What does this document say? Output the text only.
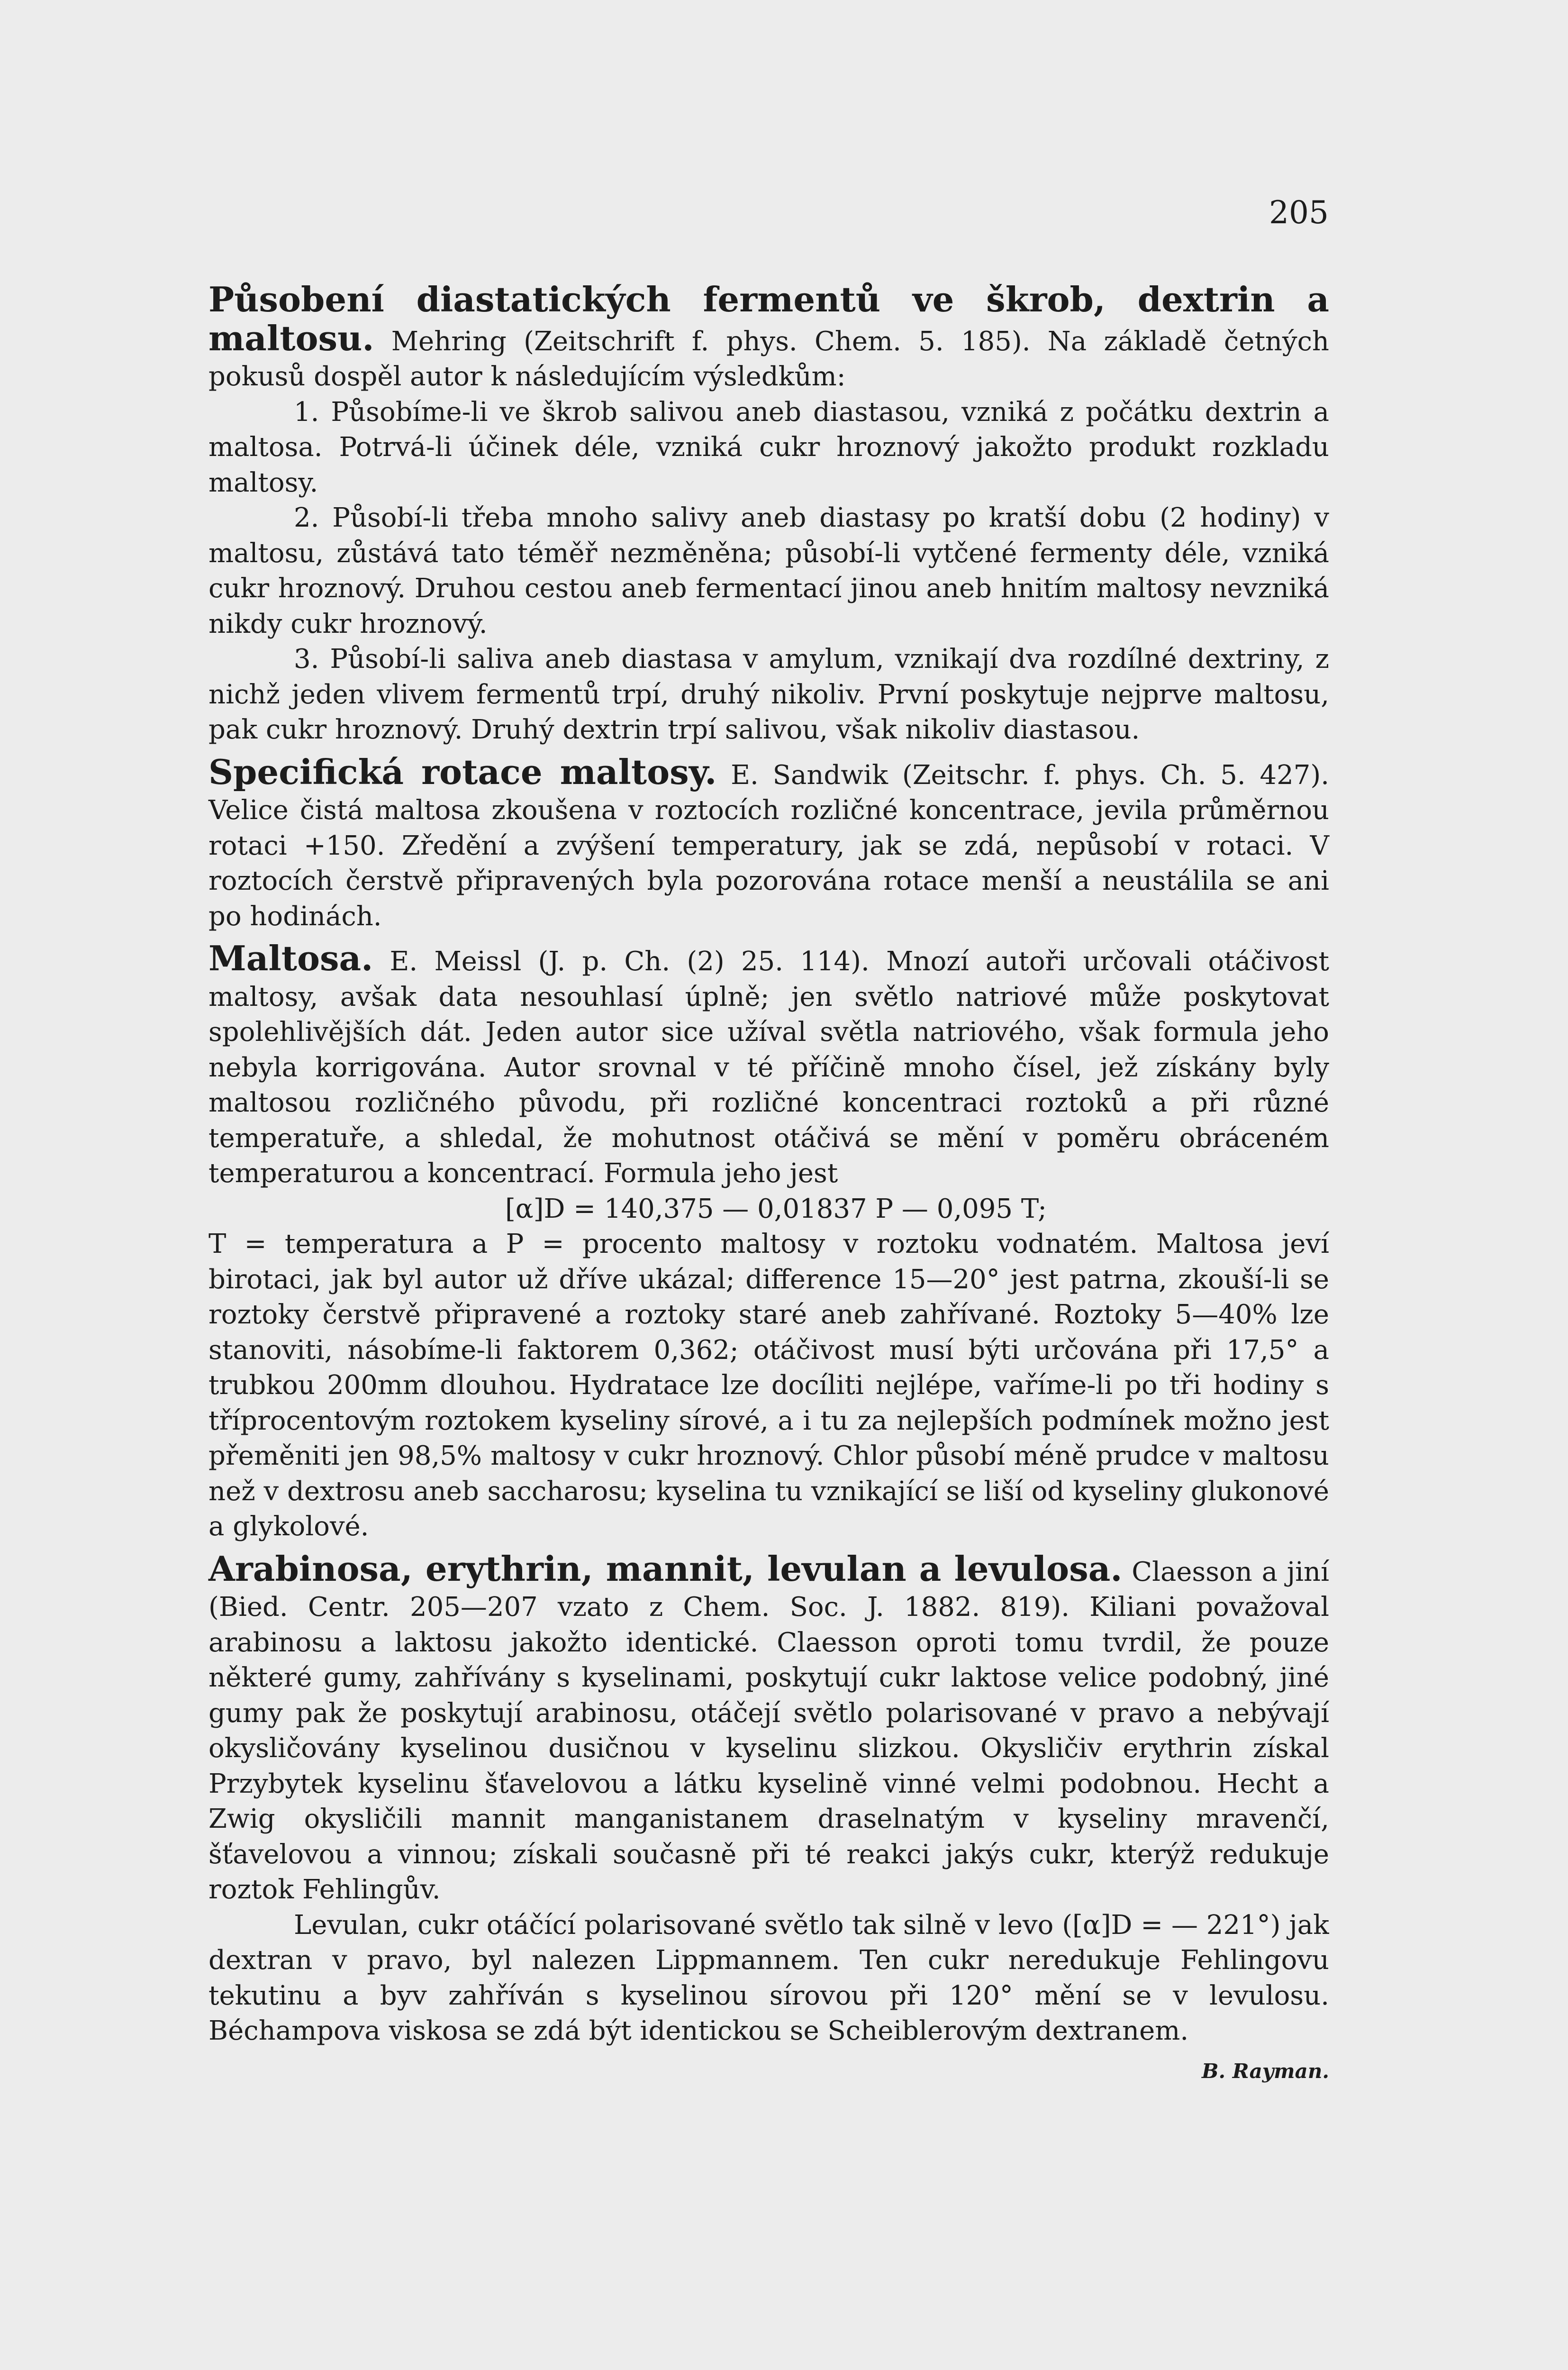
205

Působení diastatických fermentů ve škrob, dextrin a maltosu. Mehring (Zeitschrift f. phys. Chem. 5. 185). Na základě četných pokusů dospěl autor k následujícím výsledkům:

1. Působíme-li ve škrob salivou aneb diastasou, vzniká z počátku dextrin a maltosa. Potrvá-li účinek déle, vzniká cukr hroznový jakožto produkt rozkladu maltosy.

2. Působí-li třeba mnoho salivy aneb diastasy po kratší dobu (2 hodiny) v maltosu, zůstává tato téměř nezměněna; působí-li vytčené fermenty déle, vzniká cukr hroznový. Druhou cestou aneb fermentací jinou aneb hnitím maltosy nevzniká nikdy cukr hroznový.

3. Působí-li saliva aneb diastasa v amylum, vznikají dva rozdílné dextriny, z nichž jeden vlivem fermentů trpí, druhý nikoliv. První poskytuje nejprve maltosu, pak cukr hroznový. Druhý dextrin trpí salivou, však nikoliv diastasou.

Specifická rotace maltosy. E. Sandwik (Zeitschr. f. phys. Ch. 5. 427). Velice čistá maltosa zkoušena v roztocích rozličné koncentrace, jevila průměrnou rotaci +150. Zředění a zvýšení temperatury, jak se zdá, nepůsobí v rotaci. V roztocích čerstvě připravených byla pozorována rotace menší a neustálila se ani po hodinách.

Maltosa. E. Meissl (J. p. Ch. (2) 25. 114). Mnozí autoři určovali otáčivost maltosy, avšak data nesouhlasí úplně; jen světlo natriové může poskytovat spolehlivějších dát. Jeden autor sice užíval světla natriového, však formula jeho nebyla korrigována. Autor srovnal v té příčině mnoho čísel, jež získány byly maltosou rozličného původu, při rozličné koncentraci roztoků a při různé temperatuře, a shledal, že mohutnost otáčivá se mění v poměru obráceném temperaturou a koncentrací. Formula jeho jest

[α]D = 140,375 — 0,01837 P — 0,095 T;

T = temperatura a P = procento maltosy v roztoku vodnatém. Maltosa jeví birotaci, jak byl autor už dříve ukázal; difference 15—20° jest patrna, zkouší-li se roztoky čerstvě připravené a roztoky staré aneb zahřívané. Roztoky 5—40% lze stanoviti, násobíme-li faktorem 0,362; otáčivost musí býti určována při 17,5° a trubkou 200mm dlouhou. Hydratace lze docíliti nejlépe, vaříme-li po tři hodiny s tříprocentovým roztokem kyseliny sírové, a i tu za nejlepších podmínek možno jest přeměniti jen 98,5% maltosy v cukr hroznový. Chlor působí méně prudce v maltosu než v dextrosu aneb saccharosu; kyselina tu vznikající se liší od kyseliny glukonové a glykolové.

Arabinosa, erythrin, mannit, levulan a levulosa. Claesson a jiní (Bied. Centr. 205—207 vzato z Chem. Soc. J. 1882. 819). Kiliani považoval arabinosu a laktosu jakožto identické. Claesson oproti tomu tvrdil, že pouze některé gumy, zahřívány s kyselinami, poskytují cukr laktose velice podobný, jiné gumy pak že poskytují arabinosu, otáčejí světlo polarisované v pravo a nebývají okysličovány kyselinou dusičnou v kyselinu slizkou. Okysličiv erythrin získal Przybytek kyselinu šťavelovou a látku kyselině vinné velmi podobnou. Hecht a Zwig okysličili mannit manganistanem draselnatým v kyseliny mravenčí, šťavelovou a vinnou; získali současně při té reakci jakýs cukr, kterýž redukuje roztok Fehlingův.

Levulan, cukr otáčící polarisované světlo tak silně v levo ([α]D = — 221°) jak dextran v pravo, byl nalezen Lippmannem. Ten cukr neredukuje Fehlingovu tekutinu a byv zahříván s kyselinou sírovou při 120° mění se v levulosu. Béchampova viskosa se zdá být identickou se Scheiblerovým dextranem.
B. Rayman.
